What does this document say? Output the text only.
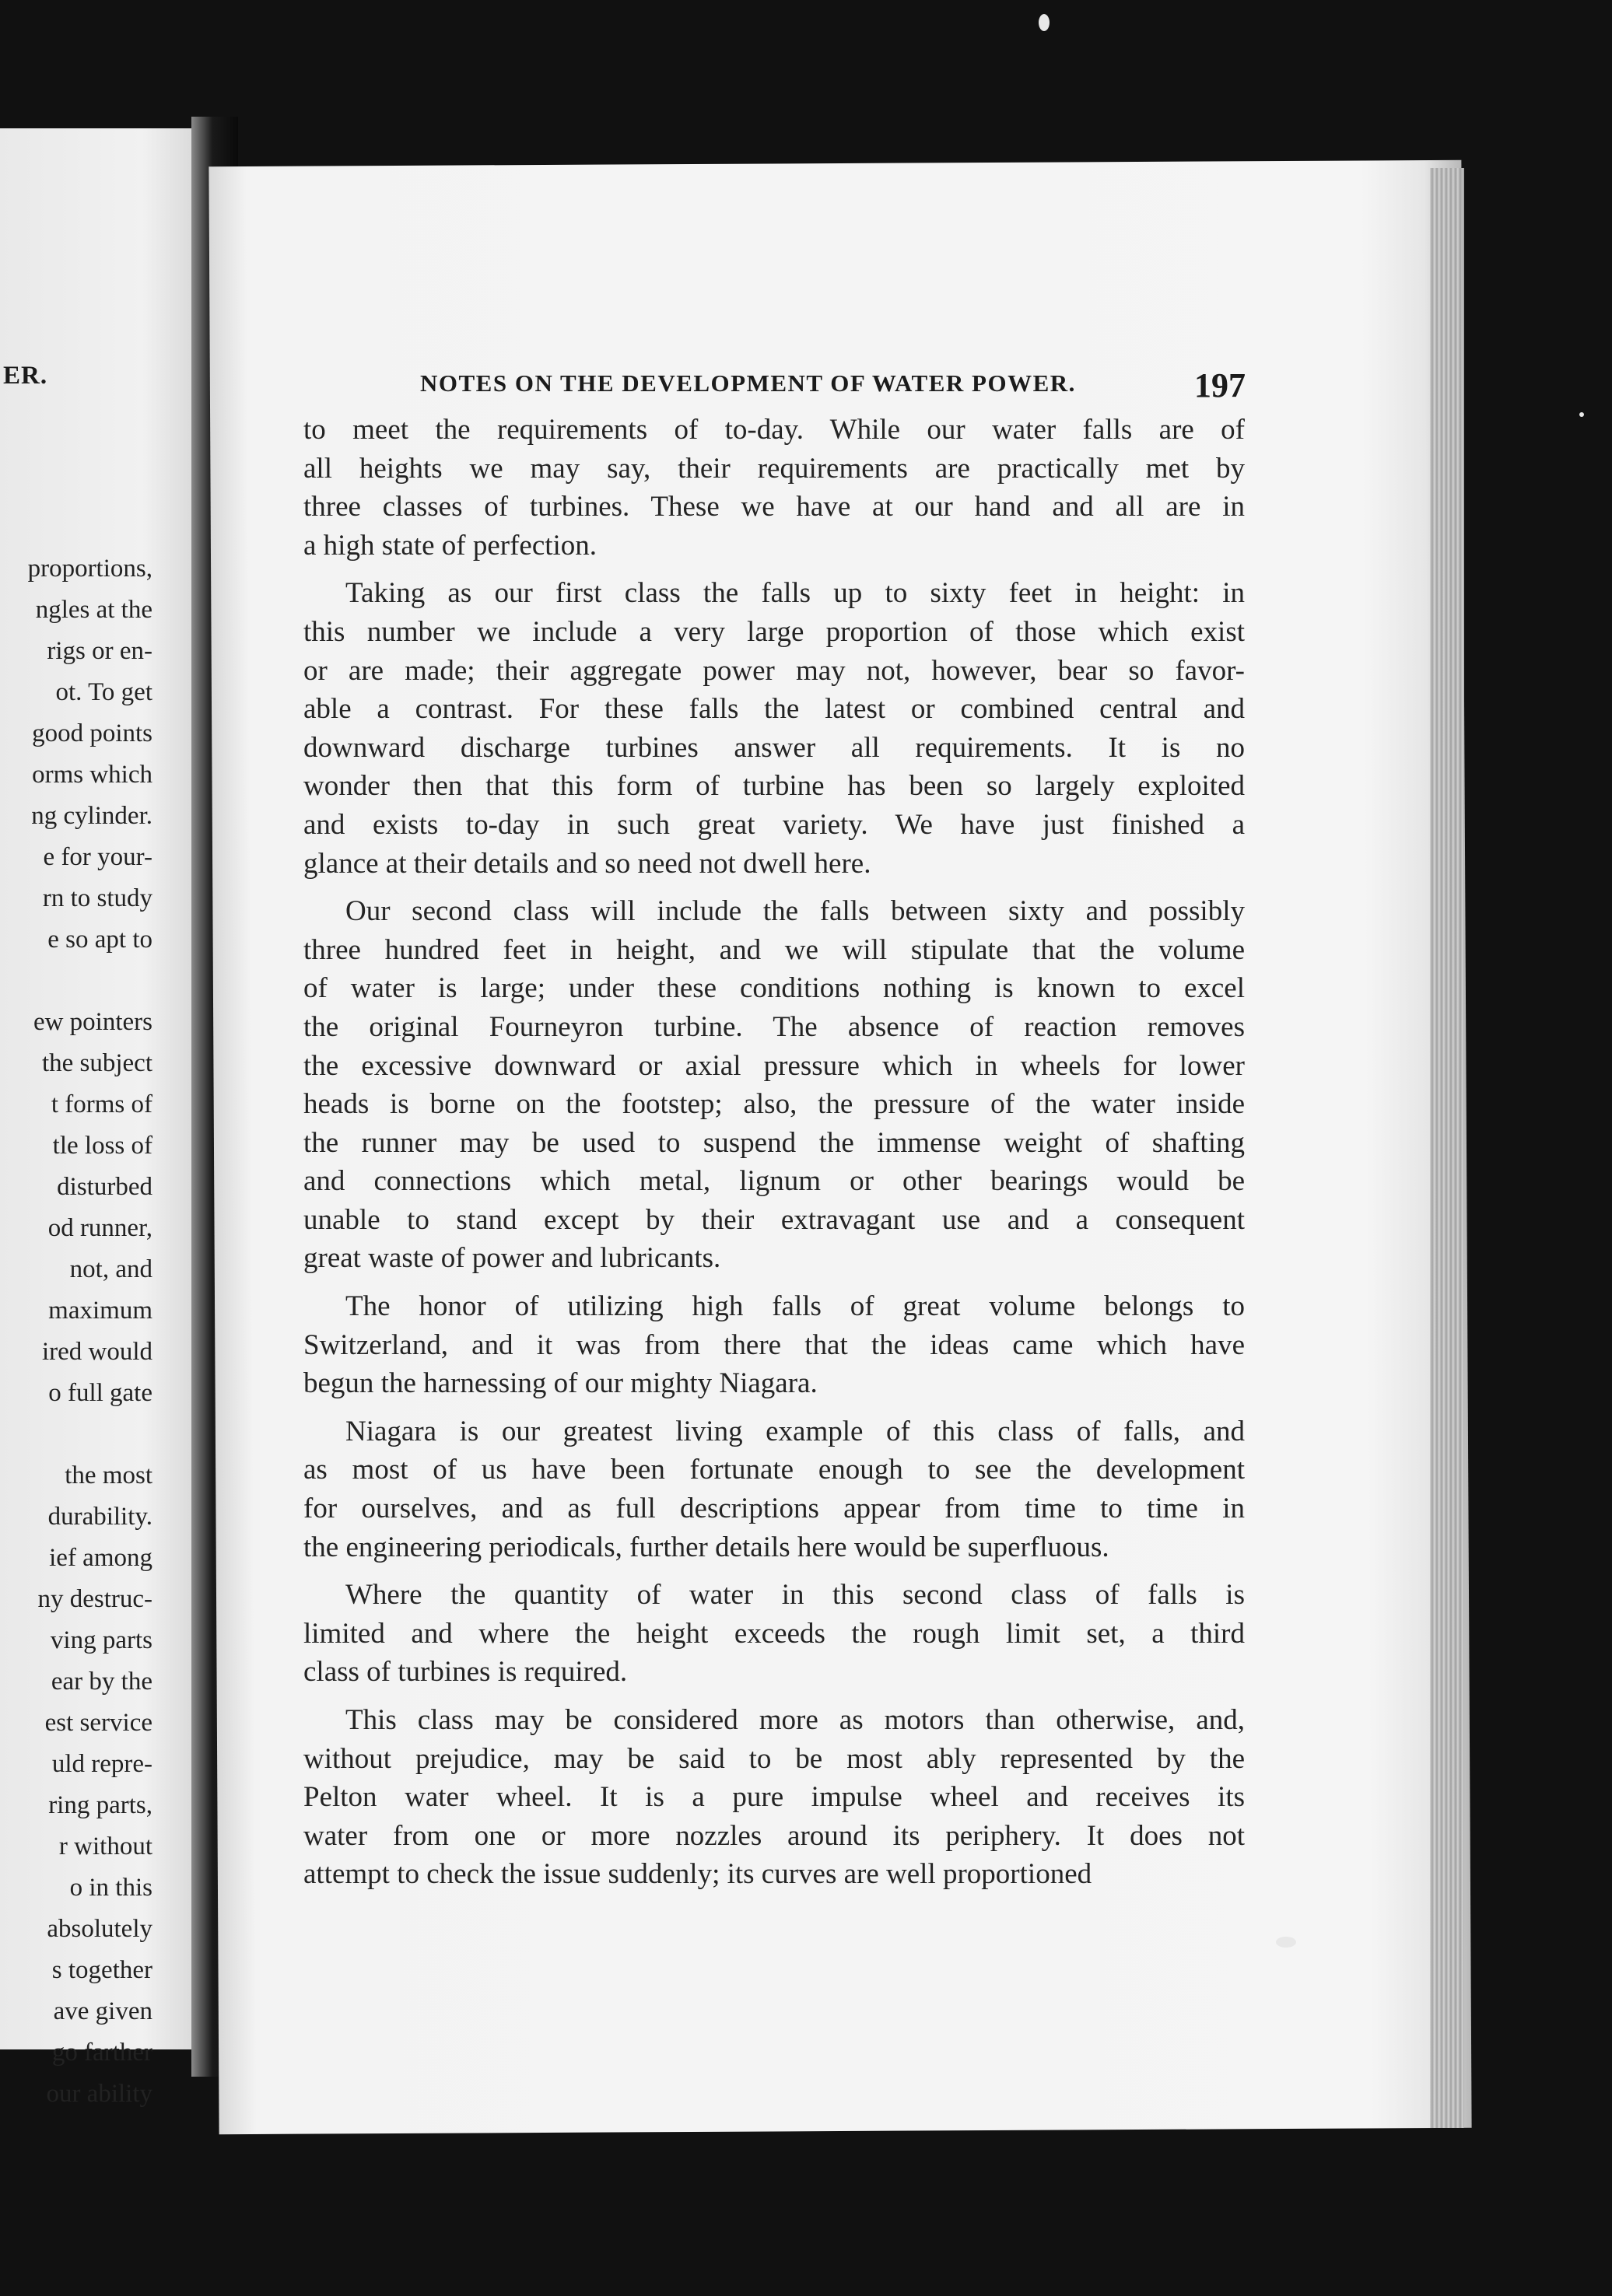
ER.
proportions,
ngles at the
rigs or en-
ot. To get
good points
orms which
ng cylinder.
e for your-
rn to study
e so apt to
ew pointers
the subject
t forms of
tle loss of
disturbed
od runner,
not, and
maximum
ired would
o full gate
the most
durability.
ief among
ny destruc-
ving parts
ear by the
est service
uld repre-
ring parts,
r without
o in this
absolutely
s together
ave given
go farther
our ability
NOTES ON THE DEVELOPMENT OF WATER POWER.	197

to meet the requirements of to-day. While our water falls are of
all heights we may say, their requirements are practically met by
three classes of turbines. These we have at our hand and all are in
a high state of perfection.

Taking as our first class the falls up to sixty feet in height: in
this number we include a very large proportion of those which exist
or are made; their aggregate power may not, however, bear so favor-
able a contrast. For these falls the latest or combined central and
downward discharge turbines answer all requirements. It is no
wonder then that this form of turbine has been so largely exploited
and exists to-day in such great variety. We have just finished a
glance at their details and so need not dwell here.

Our second class will include the falls between sixty and possibly
three hundred feet in height, and we will stipulate that the volume
of water is large; under these conditions nothing is known to excel
the original Fourneyron turbine. The absence of reaction removes
the excessive downward or axial pressure which in wheels for lower
heads is borne on the footstep; also, the pressure of the water inside
the runner may be used to suspend the immense weight of shafting
and connections which metal, lignum or other bearings would be
unable to stand except by their extravagant use and a consequent
great waste of power and lubricants.

The honor of utilizing high falls of great volume belongs to
Switzerland, and it was from there that the ideas came which have
begun the harnessing of our mighty Niagara.

Niagara is our greatest living example of this class of falls, and
as most of us have been fortunate enough to see the development
for ourselves, and as full descriptions appear from time to time in
the engineering periodicals, further details here would be superfluous.

Where the quantity of water in this second class of falls is
limited and where the height exceeds the rough limit set, a third
class of turbines is required.

This class may be considered more as motors than otherwise, and,
without prejudice, may be said to be most ably represented by the
Pelton water wheel. It is a pure impulse wheel and receives its
water from one or more nozzles around its periphery. It does not
attempt to check the issue suddenly; its curves are well proportioned
